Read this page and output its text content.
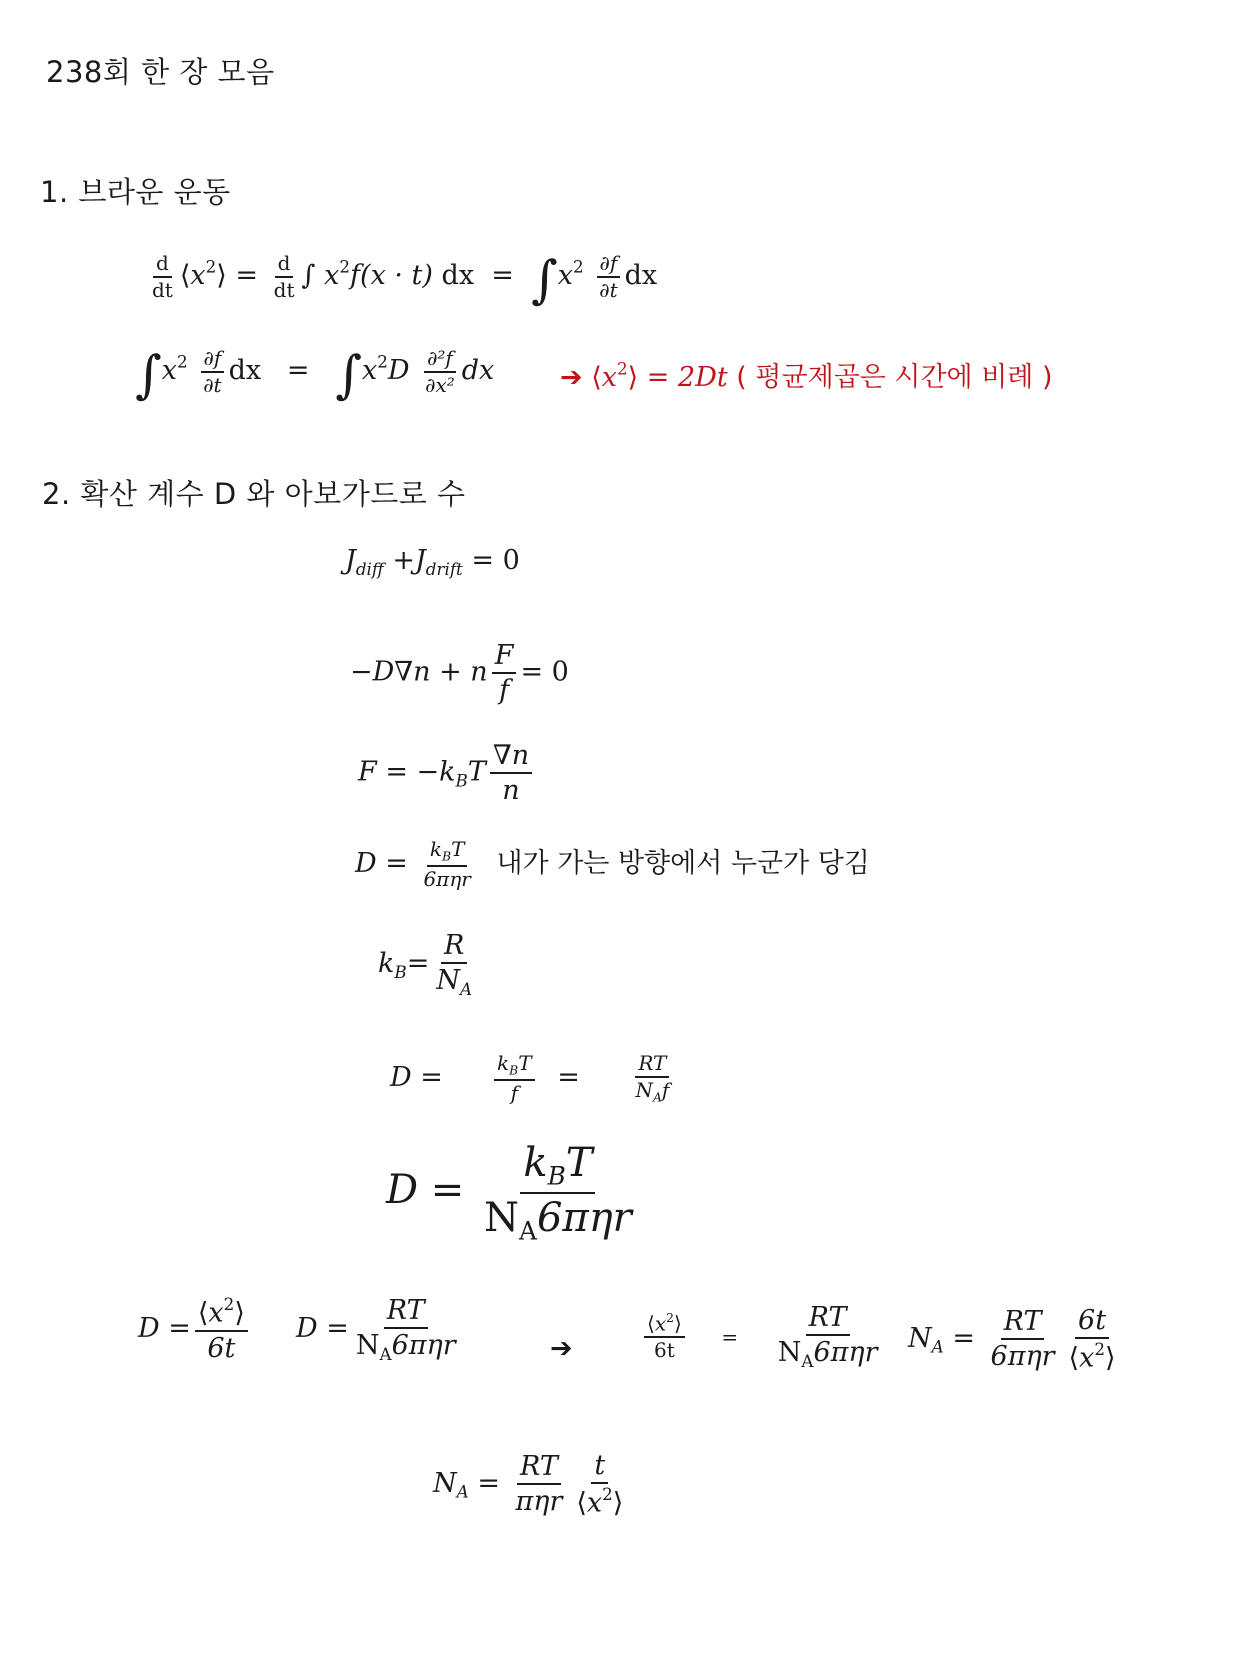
238회 한 장 모음
1. 브라운 운동
$\frac{d}{dt}$ $⟨x^2⟩ = \frac{d}{dt}$ ∫ $x^2f(x \cdot t)$ dx = $\int x^2 \frac{\partial f}{\partial t}$ dx
$\int x^2 \frac{\partial f}{\partial t}$ dx = $\int x^2D \frac{\text{∂²f}}{\text{∂x²}}$ dx ➔ $⟨x^2⟩ = 2Dt$ ( 평균제곱은 시간에 비례 )
2. 확산 계수 D 와 아보가드로 수
$J_{diff} +J_{drift} = 0$
−D∇n + n $\frac{F}{f} = 0$
$F = -k_BT \frac{\nabla n}{n}$
$D = \frac{k_BT}{\text{6πηr}}$ 내가 가는 방향에서 누군가 당김
$k_B= \frac{R}{N_A}$
D =	$\frac{k_BT}{f}$ =	$\frac{RT}{N_Af}$
$D = \frac{k_BT}{N_A6\pi\eta r}$
$D = \frac{⟨x^2⟩}{6t}$ $D = \frac{RT}{N_A6\pi\eta r}$	➔	$\frac{⟨x^2⟩}{6t} = \frac{RT}{N_A6\pi\eta r} N_A = \frac{RT}{\text{6πηr}} \frac{6t}{⟨x^2⟩}$
$N_A = \frac{RT}{\text{πηr}} \frac{t}{⟨x^2⟩}$
